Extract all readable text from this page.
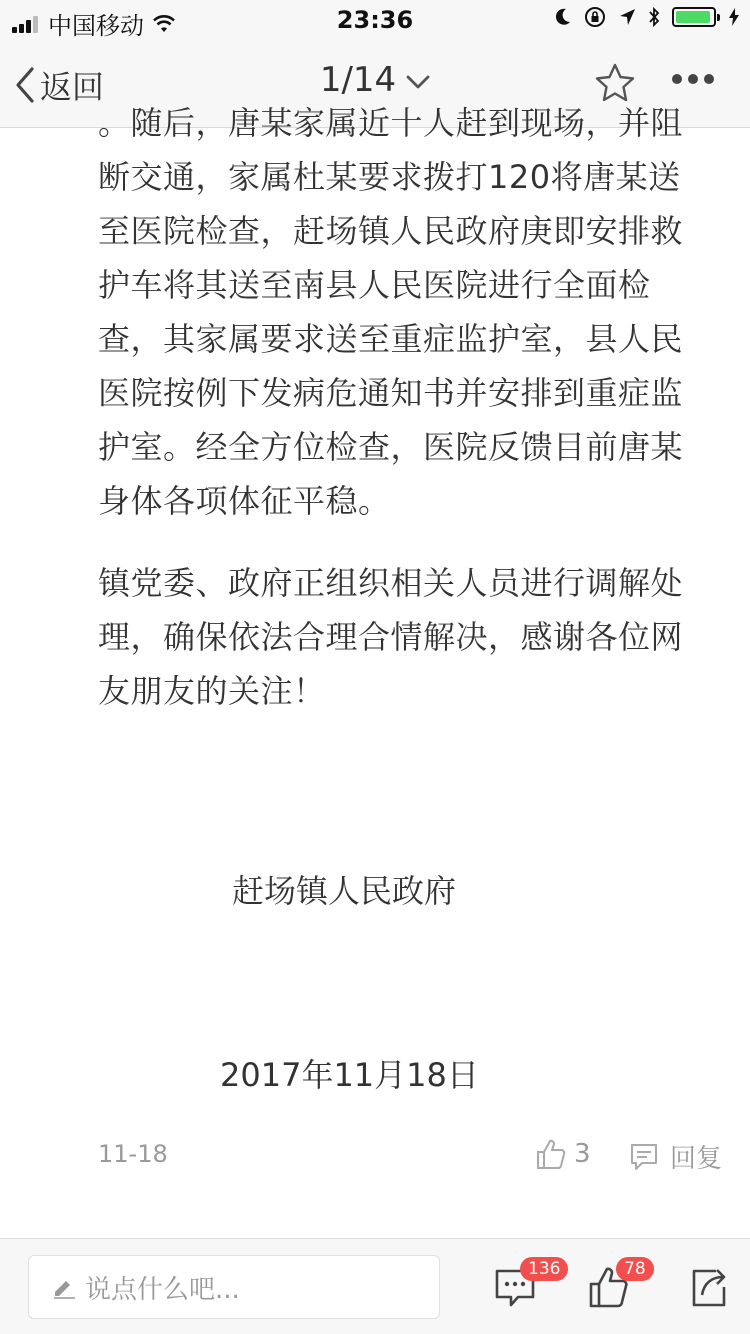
中国移动	23:36
返回	1/14

。随后，唐某家属近十人赶到现场，并阻断交通，家属杜某要求拨打120将唐某送至医院检查，赶场镇人民政府庚即安排救护车将其送至南县人民医院进行全面检查，其家属要求送至重症监护室，县人民医院按例下发病危通知书并安排到重症监护室。经全方位检查，医院反馈目前唐某身体各项体征平稳。

镇党委、政府正组织相关人员进行调解处理，确保依法合理合情解决，感谢各位网友朋友的关注！

赶场镇人民政府
2017年11月18日
11-18	3	回复
说点什么吧...
136	78
